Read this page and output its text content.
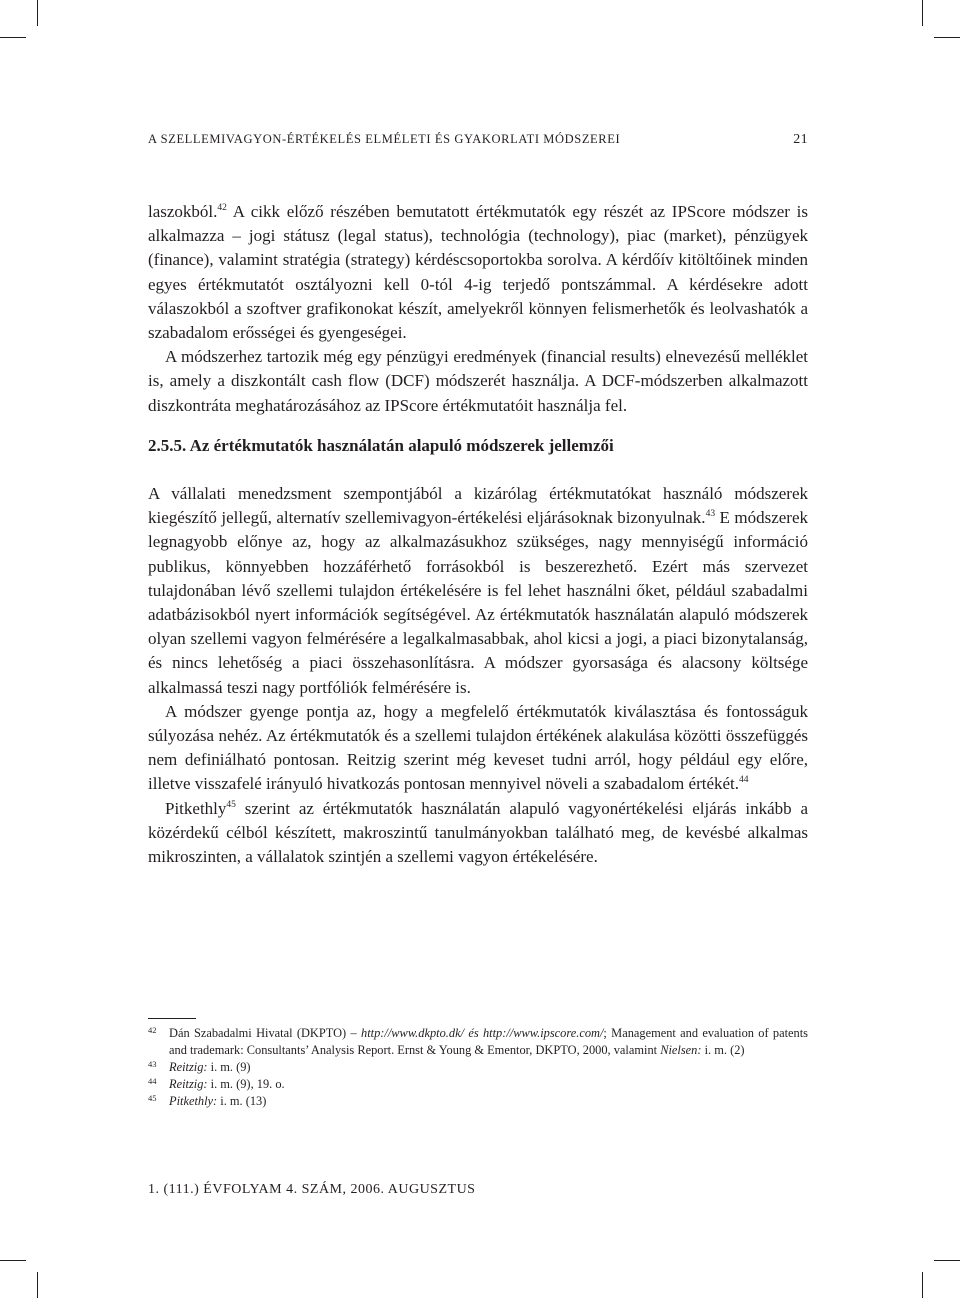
A SZELLEMIVAGYON-ÉRTÉKELÉS ELMÉLETI ÉS GYAKORLATI MÓDSZEREI	21

laszokból.$^{42}$ A cikk előző részében bemutatott értékmutatók egy részét az IPScore módszer is alkalmazza – jogi státusz (legal status), technológia (technology), piac (market), pénzügyek (finance), valamint stratégia (strategy) kérdéscsoportokba sorolva. A kérdőív kitöltőinek minden egyes értékmutatót osztályozni kell 0-tól 4-ig terjedő pontszámmal. A kérdésekre adott válaszokból a szoftver grafikonokat készít, amelyekről könnyen felismerhetők és leolvashatók a szabadalom erősségei és gyengeségei.

A módszerhez tartozik még egy pénzügyi eredmények (financial results) elnevezésű melléklet is, amely a diszkontált cash flow (DCF) módszerét használja. A DCF-módszerben alkalmazott diszkontráta meghatározásához az IPScore értékmutatóit használja fel.

2.5.5. Az értékmutatók használatán alapuló módszerek jellemzői

A vállalati menedzsment szempontjából a kizárólag értékmutatókat használó módszerek kiegészítő jellegű, alternatív szellemivagyon-értékelési eljárásoknak bizonyulnak.$^{43}$ E módszerek legnagyobb előnye az, hogy az alkalmazásukhoz szükséges, nagy mennyiségű információ publikus, könnyebben hozzáférhető forrásokból is beszerezhető. Ezért más szervezet tulajdonában lévő szellemi tulajdon értékelésére is fel lehet használni őket, például szabadalmi adatbázisokból nyert információk segítségével. Az értékmutatók használatán alapuló módszerek olyan szellemi vagyon felmérésére a legalkalmasabbak, ahol kicsi a jogi, a piaci bizonytalanság, és nincs lehetőség a piaci összehasonlításra. A módszer gyorsasága és alacsony költsége alkalmassá teszi nagy portfóliók felmérésére is.

A módszer gyenge pontja az, hogy a megfelelő értékmutatók kiválasztása és fontosságuk súlyozása nehéz. Az értékmutatók és a szellemi tulajdon értékének alakulása közötti összefüggés nem definiálható pontosan. Reitzig szerint még keveset tudni arról, hogy például egy előre, illetve visszafelé irányuló hivatkozás pontosan mennyivel növeli a szabadalom értékét.$^{44}$

Pitkethly$^{45}$ szerint az értékmutatók használatán alapuló vagyonértékelési eljárás inkább a közérdekű célból készített, makroszintű tanulmányokban található meg, de kevésbé alkalmas mikroszinten, a vállalatok szintjén a szellemi vagyon értékelésére.

42 Dán Szabadalmi Hivatal (DKPTO) – http://www.dkpto.dk/ és http://www.ipscore.com/; Management and evaluation of patents and trademark: Consultants’ Analysis Report. Ernst & Young & Ementor, DKPTO, 2000, valamint Nielsen: i. m. (2)
43 Reitzig: i. m. (9)
44 Reitzig: i. m. (9), 19. o.
45 Pitkethly: i. m. (13)
1. (111.) ÉVFOLYAM 4. SZÁM, 2006. AUGUSZTUS
